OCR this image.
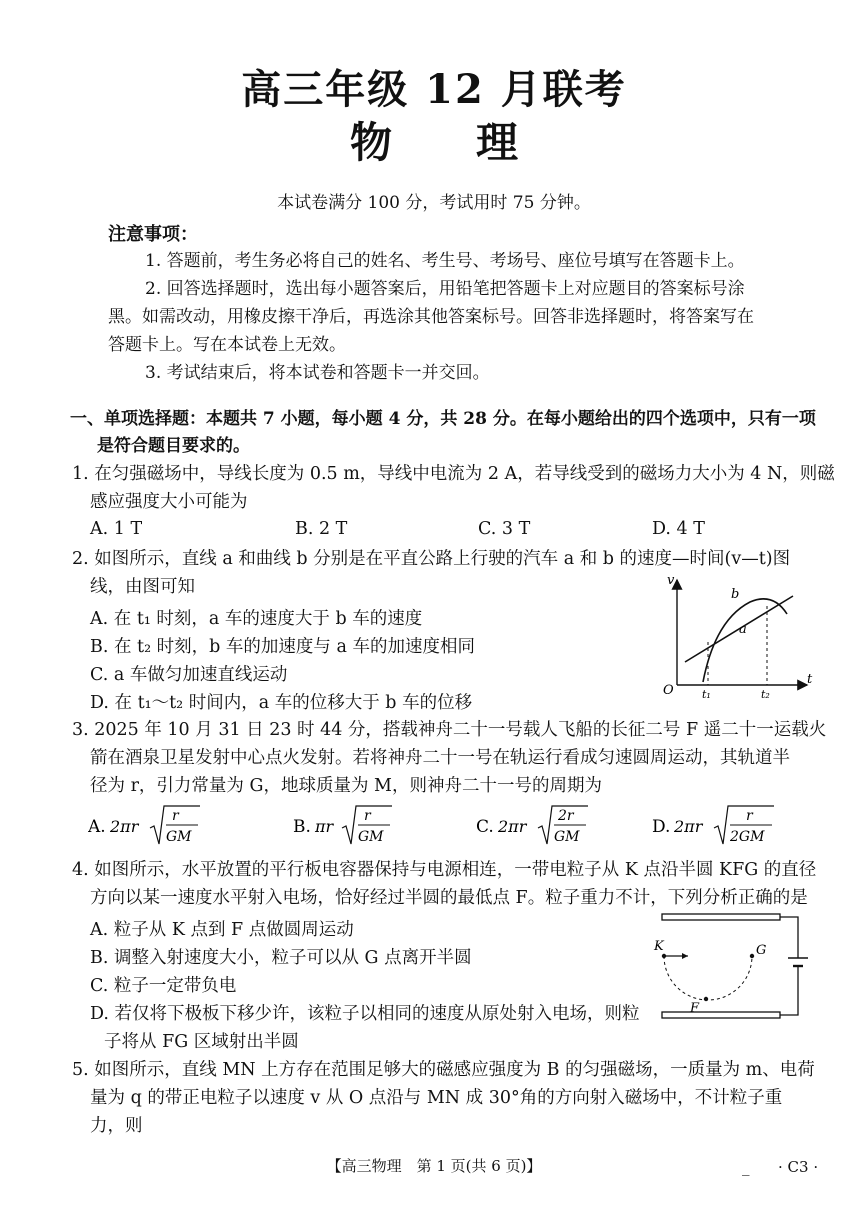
高三年级 12 月联考
物 理
本试卷满分 100 分，考试用时 75 分钟。
注意事项：
1. 答题前，考生务必将自己的姓名、考生号、考场号、座位号填写在答题卡上。
2. 回答选择题时，选出每小题答案后，用铅笔把答题卡上对应题目的答案标号涂
黑。如需改动，用橡皮擦干净后，再选涂其他答案标号。回答非选择题时，将答案写在
答题卡上。写在本试卷上无效。
3. 考试结束后，将本试卷和答题卡一并交回。
一、单项选择题：本题共 7 小题，每小题 4 分，共 28 分。在每小题给出的四个选项中，只有一项
是符合题目要求的。
1. 在匀强磁场中，导线长度为 0.5 m，导线中电流为 2 A，若导线受到的磁场力大小为 4 N，则磁
感应强度大小可能为
A. 1 T	B. 2 T	C. 3 T	D. 4 T
2. 如图所示，直线 a 和曲线 b 分别是在平直公路上行驶的汽车 a 和 b 的速度—时间(v—t)图
线，由图可知
A. 在 t₁ 时刻，a 车的速度大于 b 车的速度
B. 在 t₂ 时刻，b 车的加速度与 a 车的加速度相同
C. a 车做匀加速直线运动
D. 在 t₁～t₂ 时间内，a 车的位移大于 b 车的位移
v
t
O
a
b
t₁	t₂
3. 2025 年 10 月 31 日 23 时 44 分，搭载神舟二十一号载人飞船的长征二号 F 遥二十一运载火
箭在酒泉卫星发射中心点火发射。若将神舟二十一号在轨运行看成匀速圆周运动，其轨道半
径为 r，引力常量为 G，地球质量为 M，则神舟二十一号的周期为
A. 2πr
r
GM	B. πr
r
GM	C. 2πr
2r
GM	D. 2πr
r
2GM
4. 如图所示，水平放置的平行板电容器保持与电源相连，一带电粒子从 K 点沿半圆 KFG 的直径
方向以某一速度水平射入电场，恰好经过半圆的最低点 F。粒子重力不计，下列分析正确的是
A. 粒子从 K 点到 F 点做圆周运动
B. 调整入射速度大小，粒子可以从 G 点离开半圆
C. 粒子一定带负电
D. 若仅将下极板下移少许，该粒子以相同的速度从原处射入电场，则粒
子将从 FG 区域射出半圆
K	G
F
5. 如图所示，直线 MN 上方存在范围足够大的磁感应强度为 B 的匀强磁场，一质量为 m、电荷
量为 q 的带正电粒子以速度 v 从 O 点沿与 MN 成 30°角的方向射入磁场中，不计粒子重
力，则
【高三物理　第 1 页(共 6 页)】	_ · C3 ·
